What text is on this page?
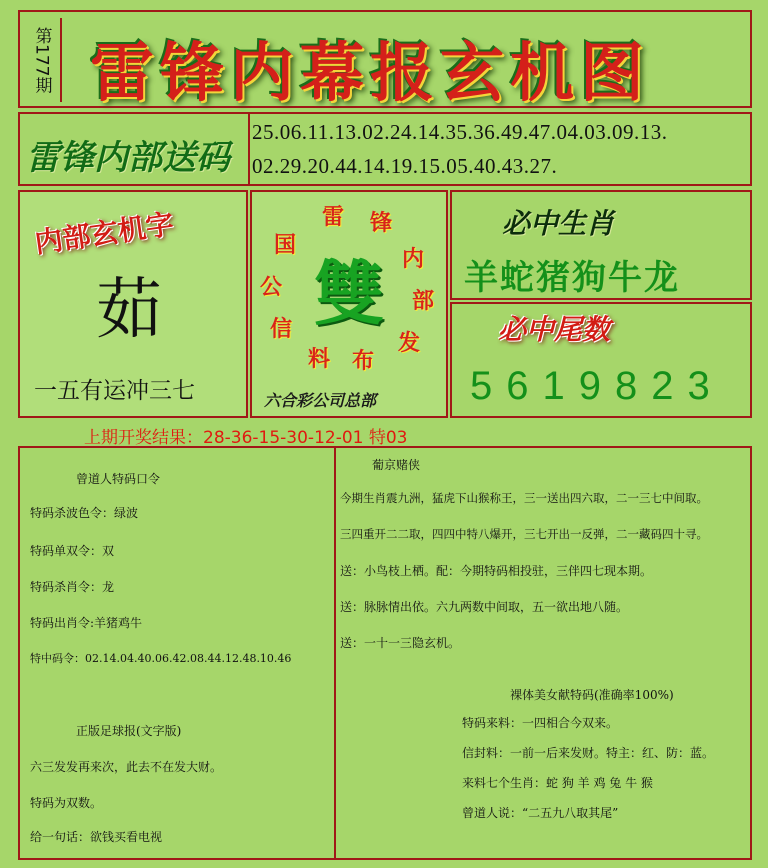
第177期 雷锋内幕报玄机图
雷锋内部送码
25.06.11.13.02.24.14.35.36.49.47.04.03.09.13.
02.29.20.44.14.19.15.05.40.43.27.
内部玄机字
茹
一五有运冲三七
雷 锋
内
部
发
布
料
信
公
国
雙
六合彩公司总部
必中生肖
羊蛇猪狗牛龙
必中尾数
5619823
上期开奖结果：28-36-15-30-12-01 特03
曾道人特码口令
特码杀波色令：绿波
特码单双令：双
特码杀肖令：龙
特码出肖令:羊猪鸡牛
特中码令：02.14.04.40.06.42.08.44.12.48.10.46
正版足球报(文字版)
六三发发再来次，此去不在发大财。
特码为双数。
给一句话：欲钱买看电视
葡京赌侠
今期生肖震九洲，猛虎下山猴称王，三一送出四六取，二一三七中间取。
三四重开二二取，四四中特八爆开，三七开出一反弹，二一藏码四十寻。
送：小鸟枝上栖。配：今期特码相投驻，三伴四七现本期。
送：脉脉情出依。六九两数中间取，五一欲出地八随。
送：一十一三隐玄机。
裸体美女献特码(准确率100%)
特码来料：一四相合今双来。
信封料：一前一后来发财。特主：红、防：蓝。
来料七个生肖：蛇 狗 羊 鸡 兔 牛 猴
曾道人说：“二五九八取其尾”
